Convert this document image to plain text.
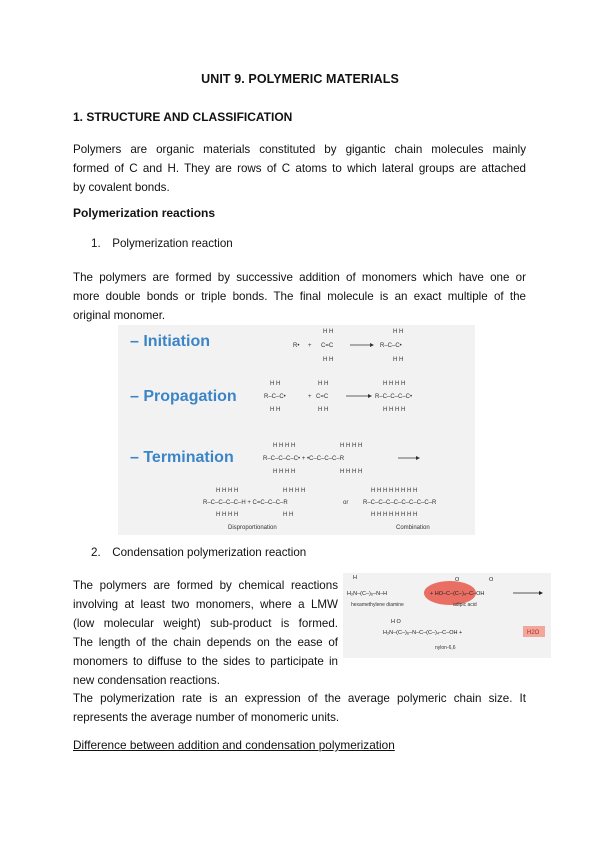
UNIT 9. POLYMERIC MATERIALS
1. STRUCTURE AND CLASSIFICATION
Polymers are organic materials constituted by gigantic chain molecules mainly
formed of C and H. They are rows of C atoms to which lateral groups are attached
by covalent bonds.
Polymerization reactions
1. Polymerization reaction
The polymers are formed by successive addition of monomers which have one or
more double bonds or triple bonds. The final molecule is an exact multiple of the
original monomer.
– Initiation
– Propagation
– Termination
R• +
H H
C=C
H H
R–C–C•
H H
H H
H H
R–C–C•
H H
+
H H
C=C
H H
H H H H
R–C–C–C–C•
H H H H
H H H H
R–C–C–C–C• + •C–C–C–C–R
H H H H
H H H H
H H H H
H H H H
R–C–C–C–C–H + C=C–C–C–R
H H H H
H H H H
H H
or
H H H H H H H H
R–C–C–C–C–C–C–C–C–R
H H H H H H H H
Disproportionation	Combination
2. Condensation polymerization reaction
The polymers are formed by chemical reactions
involving at least two monomers, where a LMW
(low molecular weight) sub-product is formed.
The length of the chain depends on the ease of
monomers to diffuse to the sides to participate in
new condensation reactions.
H
H₂N–(C–)₆–N–H	+ HO–C–(C–)₄–C–OH
O	O
hexamethylene diamine	adipic acid
H O
H₂N–(C–)₆–N–C–(C–)₄–C–OH +	H2O
nylon-6,6
The polymerization rate is an expression of the average polymeric chain size. It
represents the average number of monomeric units.
Difference between addition and condensation polymerization
